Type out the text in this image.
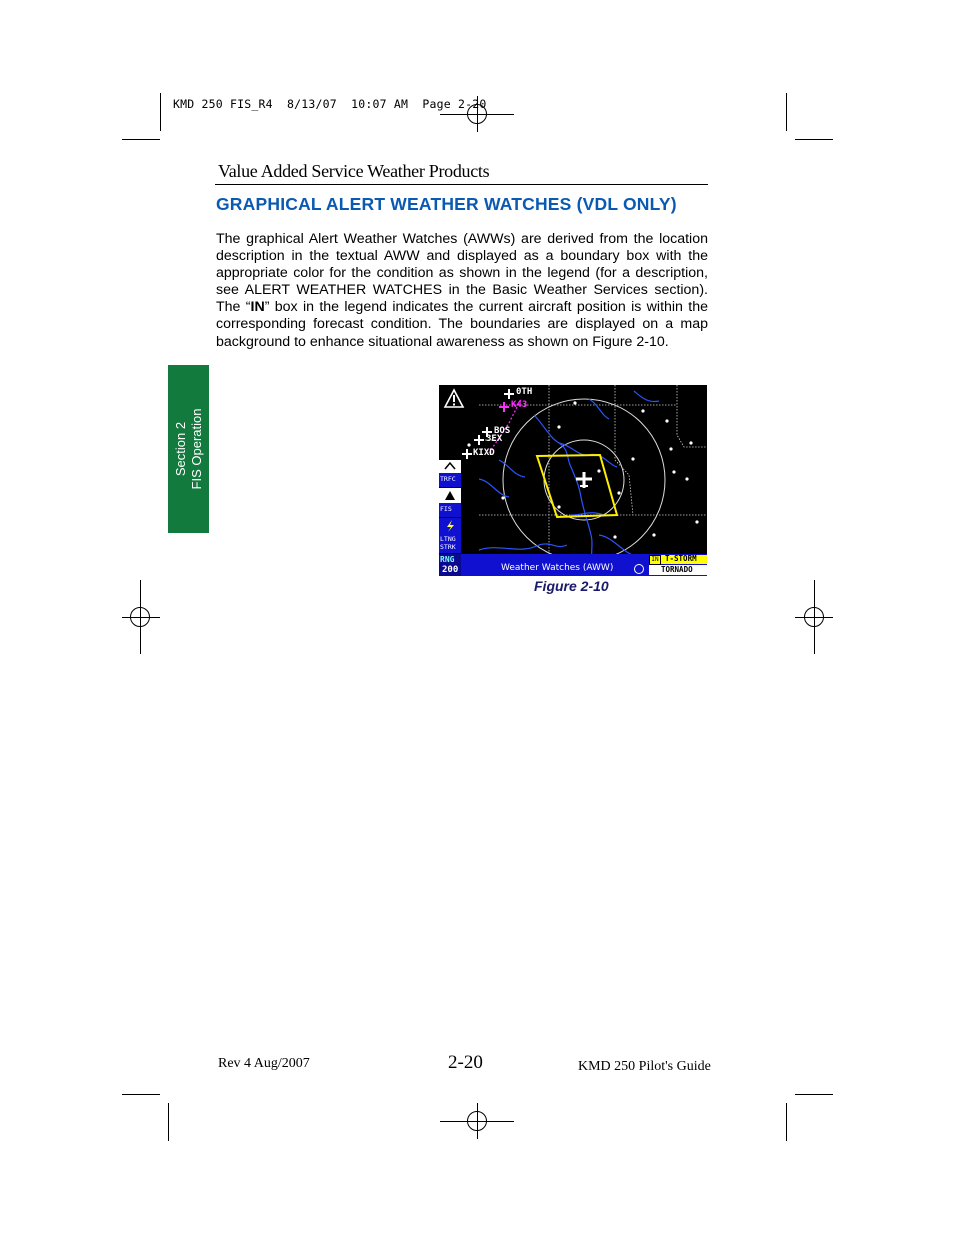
KMD 250 FIS_R4  8/13/07  10:07 AM  Page 2-20
Value Added Service Weather Products
GRAPHICAL ALERT WEATHER WATCHES (VDL ONLY)
The graphical Alert Weather Watches (AWWs) are derived from the location description in the textual AWW and displayed as a boundary box with the appropriate color for the condition as shown in the legend (for a description, see ALERT WEATHER WATCHES in the Basic Weather Services section). The “IN” box in the legend indicates the current aircraft position is within the corresponding forecast condition. The boundaries are displayed on a map background to enhance situational awareness as shown on Figure 2-10.
Section 2 FIS Operation
0TH
K43
BOS
3EX
KIXD
TRFC
FIS
LTNG
STRK
RNG
200	Weather Watches (AWW)
IN T-STORM
TORNADO
Figure 2-10
Rev 4 Aug/2007	2-20	KMD 250 Pilot's Guide
